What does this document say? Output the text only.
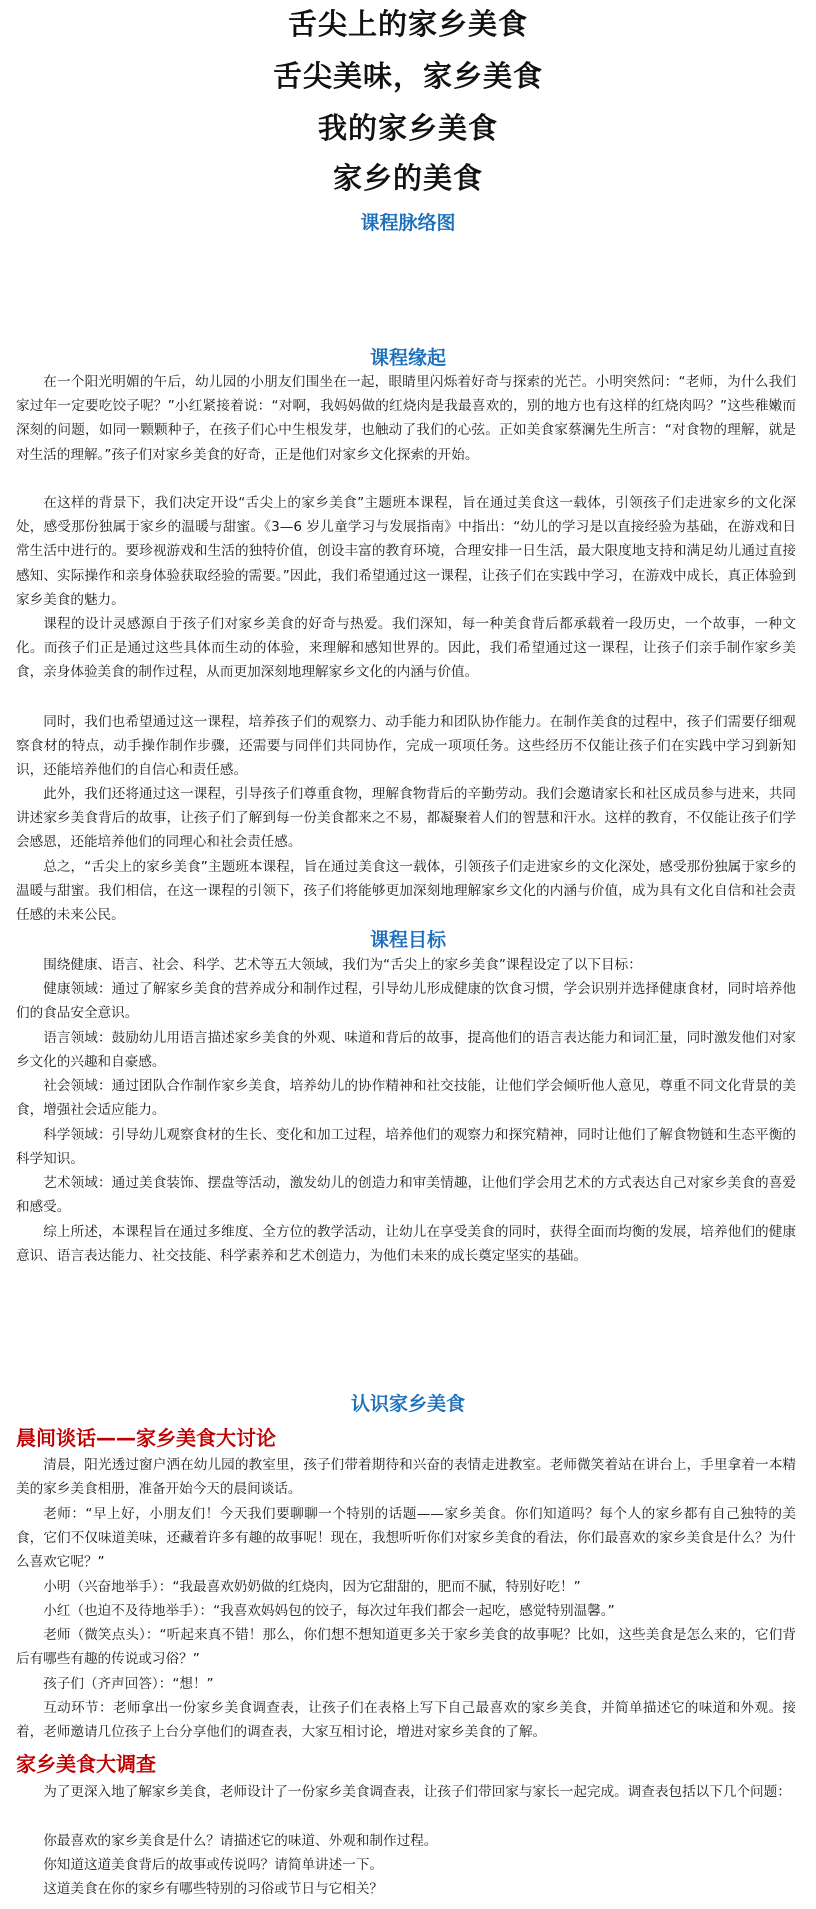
舌尖上的家乡美食
舌尖美味，家乡美食
我的家乡美食
家乡的美食
课程脉络图
课程缘起
在一个阳光明媚的午后，幼儿园的小朋友们围坐在一起，眼睛里闪烁着好奇与探索的光芒。小明突然问：“老师，为什么我们家过年一定要吃饺子呢？”小红紧接着说：“对啊，我妈妈做的红烧肉是我最喜欢的，别的地方也有这样的红烧肉吗？”这些稚嫩而深刻的问题，如同一颗颗种子，在孩子们心中生根发芽，也触动了我们的心弦。正如美食家蔡澜先生所言：“对食物的理解，就是对生活的理解。”孩子们对家乡美食的好奇，正是他们对家乡文化探索的开始。
在这样的背景下，我们决定开设“舌尖上的家乡美食”主题班本课程，旨在通过美食这一载体，引领孩子们走进家乡的文化深处，感受那份独属于家乡的温暖与甜蜜。《3—6 岁儿童学习与发展指南》中指出：“幼儿的学习是以直接经验为基础，在游戏和日常生活中进行的。要珍视游戏和生活的独特价值，创设丰富的教育环境，合理安排一日生活，最大限度地支持和满足幼儿通过直接感知、实际操作和亲身体验获取经验的需要。”因此，我们希望通过这一课程，让孩子们在实践中学习，在游戏中成长，真正体验到家乡美食的魅力。
课程的设计灵感源自于孩子们对家乡美食的好奇与热爱。我们深知，每一种美食背后都承载着一段历史，一个故事，一种文化。而孩子们正是通过这些具体而生动的体验，来理解和感知世界的。因此，我们希望通过这一课程，让孩子们亲手制作家乡美食，亲身体验美食的制作过程，从而更加深刻地理解家乡文化的内涵与价值。
同时，我们也希望通过这一课程，培养孩子们的观察力、动手能力和团队协作能力。在制作美食的过程中，孩子们需要仔细观察食材的特点，动手操作制作步骤，还需要与同伴们共同协作，完成一项项任务。这些经历不仅能让孩子们在实践中学习到新知识，还能培养他们的自信心和责任感。
此外，我们还将通过这一课程，引导孩子们尊重食物，理解食物背后的辛勤劳动。我们会邀请家长和社区成员参与进来，共同讲述家乡美食背后的故事，让孩子们了解到每一份美食都来之不易，都凝聚着人们的智慧和汗水。这样的教育，不仅能让孩子们学会感恩，还能培养他们的同理心和社会责任感。
总之，“舌尖上的家乡美食”主题班本课程，旨在通过美食这一载体，引领孩子们走进家乡的文化深处，感受那份独属于家乡的温暖与甜蜜。我们相信，在这一课程的引领下，孩子们将能够更加深刻地理解家乡文化的内涵与价值，成为具有文化自信和社会责任感的未来公民。
课程目标
围绕健康、语言、社会、科学、艺术等五大领域，我们为“舌尖上的家乡美食”课程设定了以下目标：
健康领域：通过了解家乡美食的营养成分和制作过程，引导幼儿形成健康的饮食习惯，学会识别并选择健康食材，同时培养他们的食品安全意识。
语言领域：鼓励幼儿用语言描述家乡美食的外观、味道和背后的故事，提高他们的语言表达能力和词汇量，同时激发他们对家乡文化的兴趣和自豪感。
社会领域：通过团队合作制作家乡美食，培养幼儿的协作精神和社交技能，让他们学会倾听他人意见，尊重不同文化背景的美食，增强社会适应能力。
科学领域：引导幼儿观察食材的生长、变化和加工过程，培养他们的观察力和探究精神，同时让他们了解食物链和生态平衡的科学知识。
艺术领域：通过美食装饰、摆盘等活动，激发幼儿的创造力和审美情趣，让他们学会用艺术的方式表达自己对家乡美食的喜爱和感受。
综上所述，本课程旨在通过多维度、全方位的教学活动，让幼儿在享受美食的同时，获得全面而均衡的发展，培养他们的健康意识、语言表达能力、社交技能、科学素养和艺术创造力，为他们未来的成长奠定坚实的基础。
认识家乡美食
晨间谈话——家乡美食大讨论
清晨，阳光透过窗户洒在幼儿园的教室里，孩子们带着期待和兴奋的表情走进教室。老师微笑着站在讲台上，手里拿着一本精美的家乡美食相册，准备开始今天的晨间谈话。
老师：“早上好，小朋友们！今天我们要聊聊一个特别的话题——家乡美食。你们知道吗？每个人的家乡都有自己独特的美食，它们不仅味道美味，还藏着许多有趣的故事呢！现在，我想听听你们对家乡美食的看法，你们最喜欢的家乡美食是什么？为什么喜欢它呢？”
小明（兴奋地举手）：“我最喜欢奶奶做的红烧肉，因为它甜甜的，肥而不腻，特别好吃！”
小红（也迫不及待地举手）：“我喜欢妈妈包的饺子，每次过年我们都会一起吃，感觉特别温馨。”
老师（微笑点头）：“听起来真不错！那么，你们想不想知道更多关于家乡美食的故事呢？比如，这些美食是怎么来的，它们背后有哪些有趣的传说或习俗？”
孩子们（齐声回答）：“想！”
互动环节：老师拿出一份家乡美食调查表，让孩子们在表格上写下自己最喜欢的家乡美食，并简单描述它的味道和外观。接着，老师邀请几位孩子上台分享他们的调查表，大家互相讨论，增进对家乡美食的了解。
家乡美食大调查
为了更深入地了解家乡美食，老师设计了一份家乡美食调查表，让孩子们带回家与家长一起完成。调查表包括以下几个问题：
你最喜欢的家乡美食是什么？请描述它的味道、外观和制作过程。
你知道这道美食背后的故事或传说吗？请简单讲述一下。
这道美食在你的家乡有哪些特别的习俗或节日与它相关？
